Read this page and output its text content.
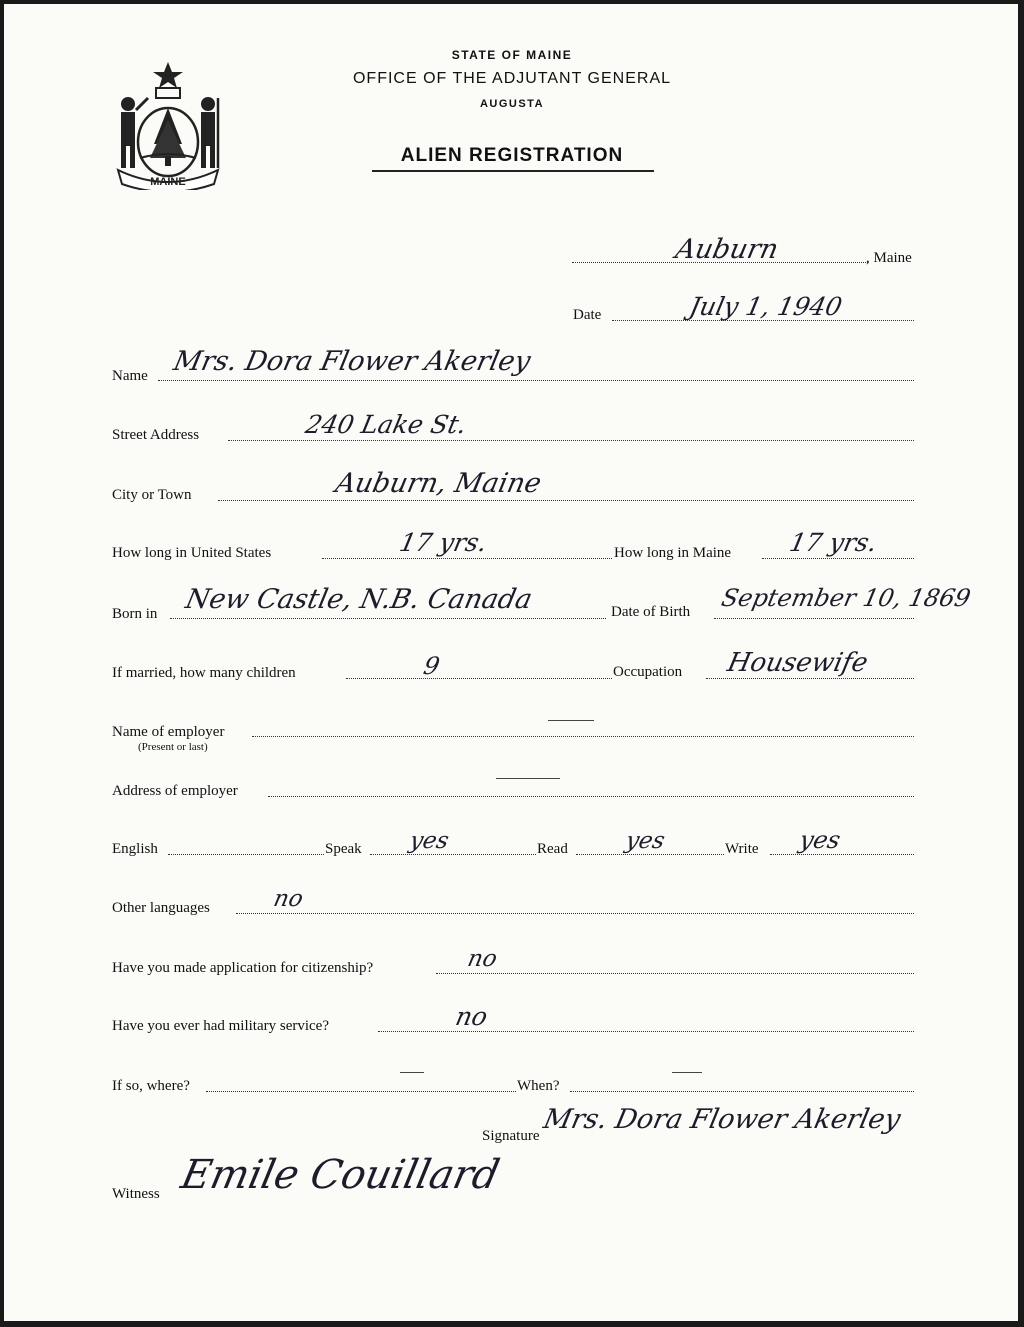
MAINE
STATE OF MAINE
OFFICE OF THE ADJUTANT GENERAL
AUGUSTA
ALIEN REGISTRATION
Auburn	, Maine
Date	July 1, 1940
Name Mrs. Dora Flower Akerley
Street Address	240 Lake St.
City or Town	Auburn, Maine
How long in United States	17 yrs.	How long in Maine 17 yrs.
Born in New Castle, N.B. Canada	Date of Birth September 10, 1869
If married, how many children	9	Occupation Housewife
Name of employer
(Present or last)
Address of employer
English	Speak yes	Read yes	Write yes
Other languages	no
Have you made application for citizenship?	no
Have you ever had military service?	no
If so, where?	When?
Signature
Mrs. Dora Flower Akerley
Witness Emile Couillard
